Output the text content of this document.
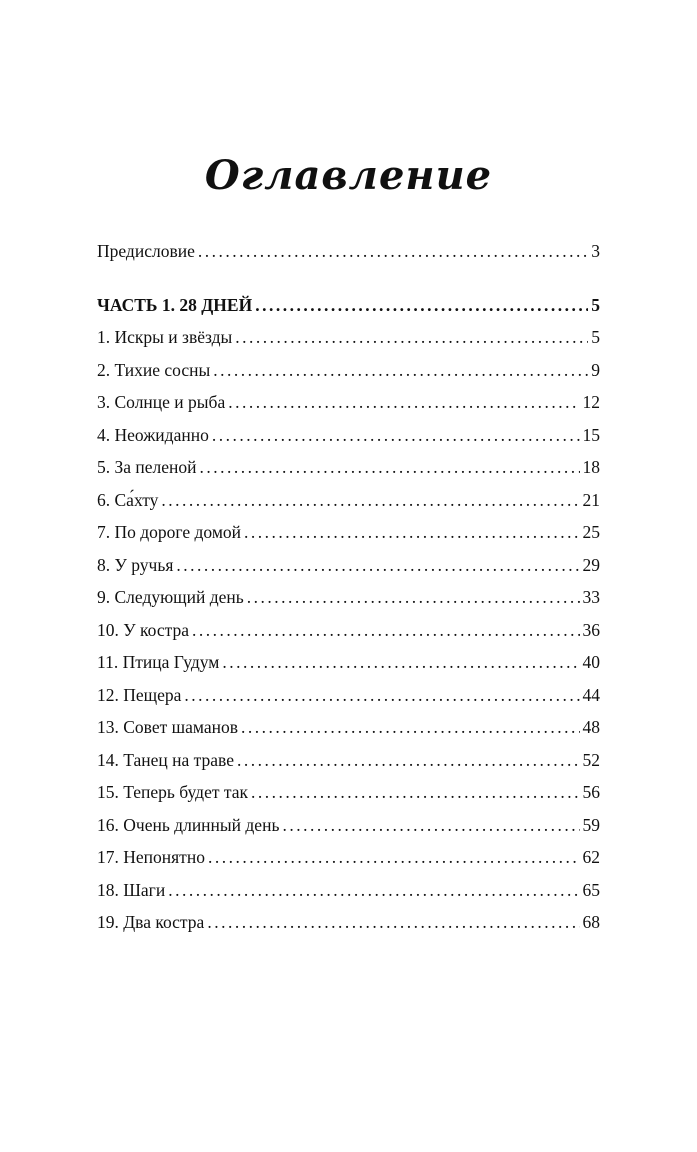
Оглавление
Предисловие .....	3
ЧАСТЬ 1. 28 ДНЕЙ .....	5
1. Искры и звёзды .....	5
2. Тихие сосны .....	9
3. Солнце и рыба .....	12
4. Неожиданно .....	15
5. За пеленой .....	18
6. Са́хту .....	21
7. По дороге домой .....	25
8. У ручья .....	29
9. Следующий день .....	33
10. У костра .....	36
11. Птица Гудум .....	40
12. Пещера .....	44
13. Совет шаманов .....	48
14. Танец на траве .....	52
15. Теперь будет так .....	56
16. Очень длинный день .....	59
17. Непонятно .....	62
18. Шаги .....	65
19. Два костра .....	68
